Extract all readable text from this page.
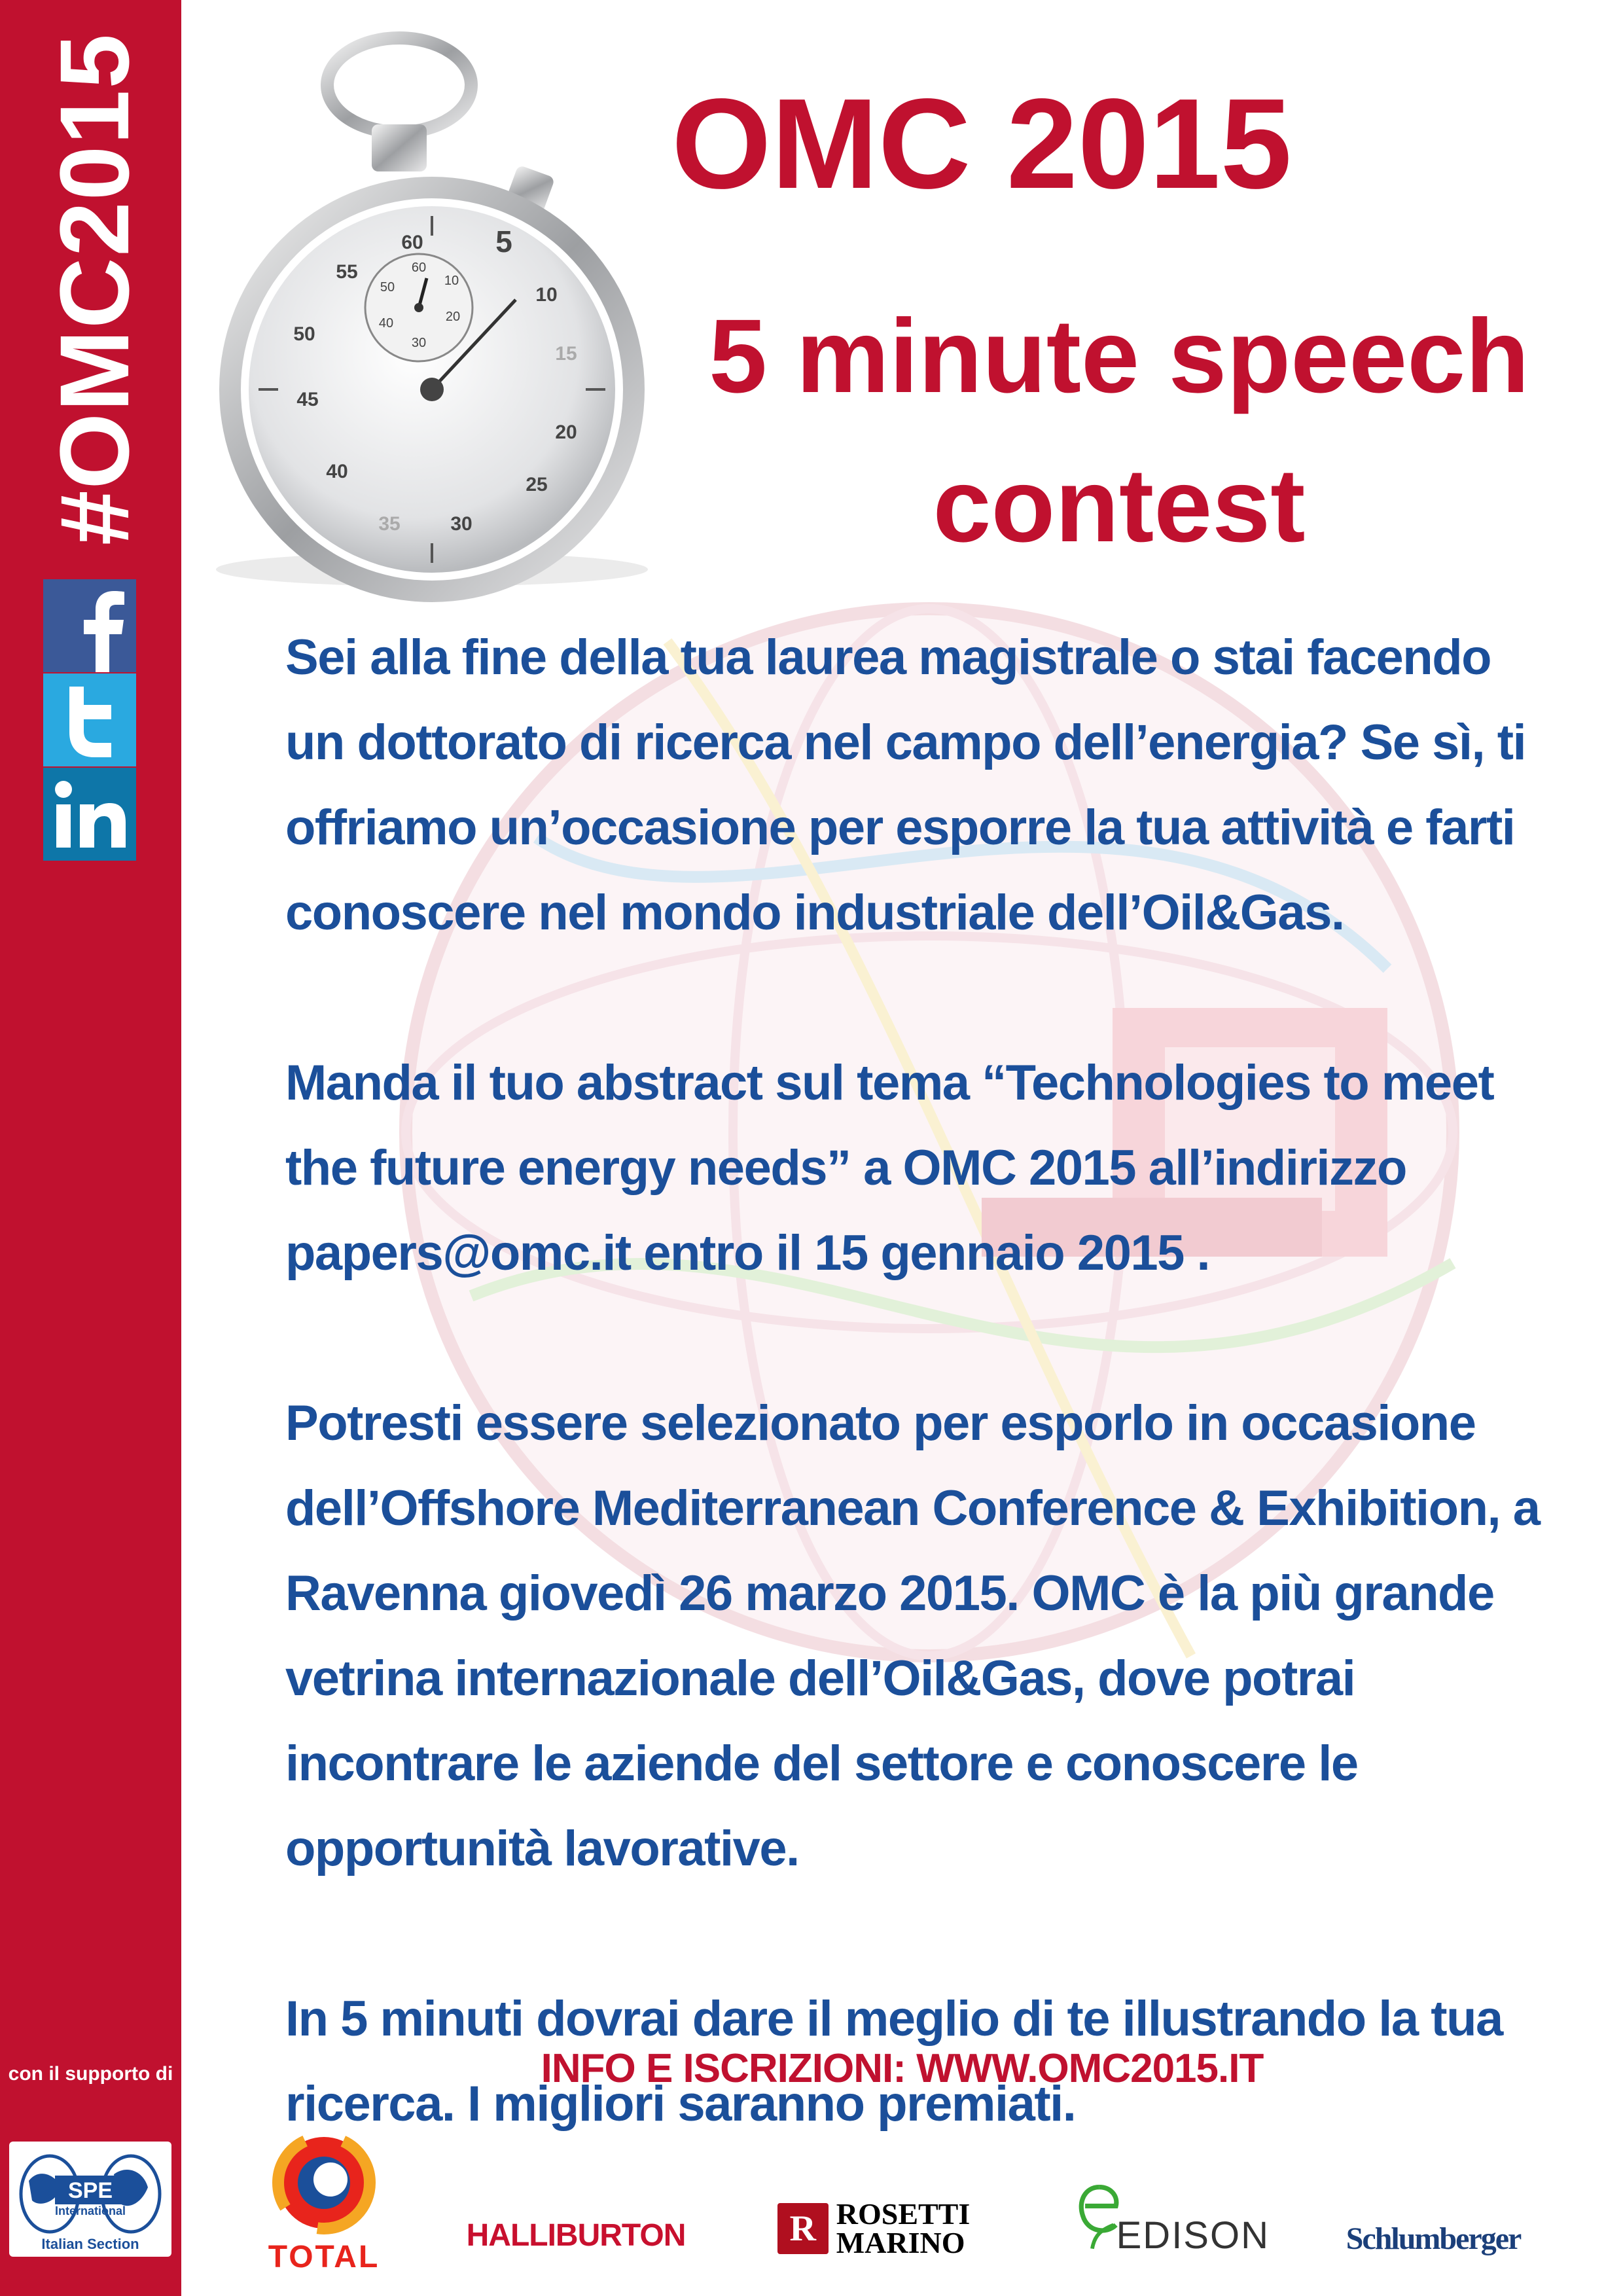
#OMC2015
con il supporto di
SPE
International
Italian Section
60 5
10
15
20
25
30
35
40
45
50
55	60
10
20
30
40
50
OMC 2015
5 minute speech
contest

Sei alla fine della tua laurea magistrale o stai facendo un dottorato di ricerca nel campo dell’energia? Se sì, ti offriamo un’occasione per esporre la tua attività e farti conoscere nel mondo industriale dell’Oil&Gas.

Manda il tuo abstract sul tema “Technologies to meet the future energy needs” a OMC 2015 all’indirizzo papers@omc.it entro il 15 gennaio 2015 .

Potresti essere selezionato per esporlo in occasione dell’Offshore Mediterranean Conference & Exhibition, a Ravenna giovedì 26 marzo 2015. OMC è la più grande vetrina internazionale dell’Oil&Gas, dove potrai incontrare le aziende del settore e conoscere le opportunità lavorative.

In 5 minuti dovrai dare il meglio di te illustrando la tua ricerca. I migliori saranno premiati.

INFO E ISCRIZIONI: WWW.OMC2015.IT
TOTAL
HALLIBURTON	R ROSETTI
MARINO	EDISON	Schlumberger
